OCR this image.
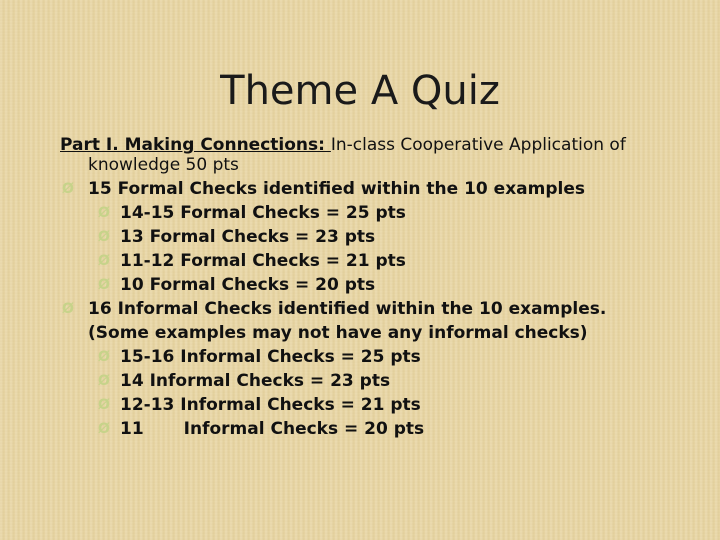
Theme A Quiz

Part I. Making Connections: In-class Cooperative Application of
knowledge 50 pts

Ø 15 Formal Checks identified within the 10 examples
Ø 14-15 Formal Checks = 25 pts
Ø 13 Formal Checks = 23 pts
Ø 11-12 Formal Checks = 21 pts
Ø 10 Formal Checks = 20 pts
Ø 16 Informal Checks identified within the 10 examples.
(Some examples may not have any informal checks)
Ø 15-16 Informal Checks = 25 pts
Ø 14 Informal Checks = 23 pts
Ø 12-13 Informal Checks = 21 pts
Ø 11 Informal Checks = 20 pts
